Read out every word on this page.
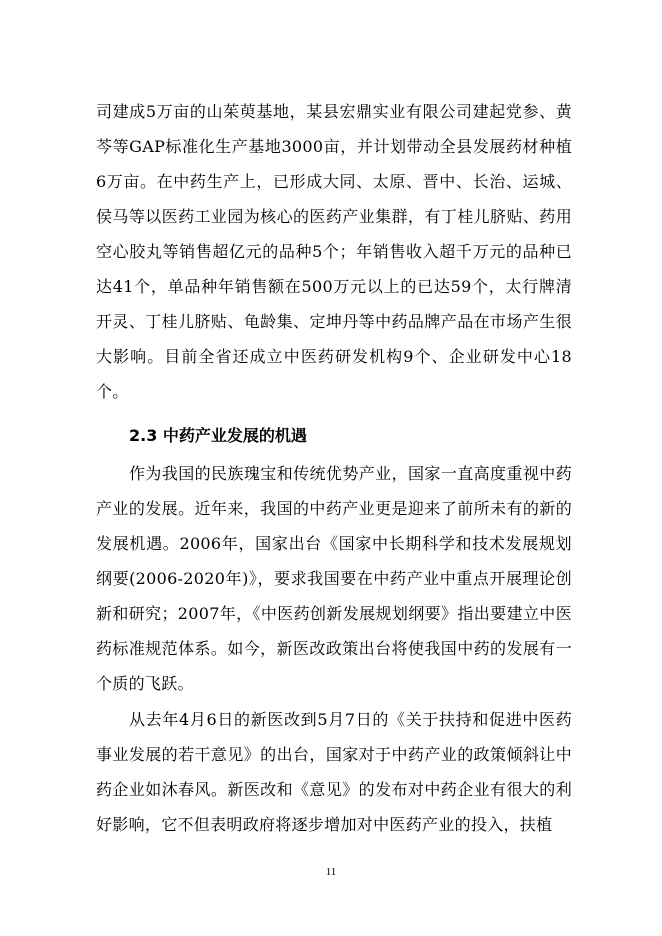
司建成5万亩的山茱萸基地，某县宏鼎实业有限公司建起党参、黄芩等GAP标准化生产基地3000亩，并计划带动全县发展药材种植6万亩。在中药生产上，已形成大同、太原、晋中、长治、运城、侯马等以医药工业园为核心的医药产业集群，有丁桂儿脐贴、药用空心胶丸等销售超亿元的品种5个；年销售收入超千万元的品种已达41个，单品种年销售额在500万元以上的已达59个，太行牌清开灵、丁桂儿脐贴、龟龄集、定坤丹等中药品牌产品在市场产生很大影响。目前全省还成立中医药研发机构9个、企业研发中心18个。

2.3 中药产业发展的机遇

作为我国的民族瑰宝和传统优势产业，国家一直高度重视中药产业的发展。近年来，我国的中药产业更是迎来了前所未有的新的发展机遇。2006年，国家出台《国家中长期科学和技术发展规划纲要(2006-2020年)》，要求我国要在中药产业中重点开展理论创新和研究；2007年，《中医药创新发展规划纲要》指出要建立中医药标准规范体系。如今，新医改政策出台将使我国中药的发展有一个质的飞跃。

从去年4月6日的新医改到5月7日的《关于扶持和促进中医药事业发展的若干意见》的出台，国家对于中药产业的政策倾斜让中药企业如沐春风。新医改和《意见》的发布对中药企业有很大的利好影响，它不但表明政府将逐步增加对中医药产业的投入，扶植

11
